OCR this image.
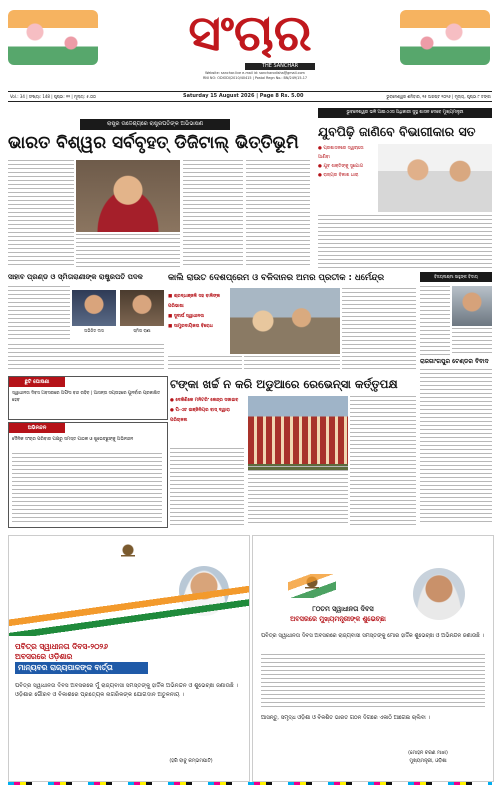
ସଂଚାର
THE SANCHAR
Website: sanchar.live e-mail id: sancharodisha@gmail.com
RNI NO: ODIODI/2010/40415 | Postal Regn No.: BN/249/15-17
Vol.: 34 | ସଂଖ୍ୟା: 148 | ପୃଷ୍ଠା: ୧୨ | ମୂଲ୍ୟ: ୫.୦୦	Saturday 15 August 2026 | Page 8 Rs. 5.00	ଭୁବନେଶ୍ୱର ଶନିବାର, ୧୫ ଅଗଷ୍ଟ ୨୦୨୬ | ମୂଲ୍ୟ, ପୃଷ୍ଠା ୮ ଟଙ୍କା
ରାଷ୍ଟ୍ର ଉଦ୍ଦେଶ୍ୟରେ ରାଷ୍ଟ୍ରପତିଙ୍କ ଅଭିଭାଷଣ
ଭାରତ ବିଶ୍ୱର ସର୍ବବୃହତ୍ ଡିଜିଟାଲ୍ ଭିତ୍ତିଭୂମି
ଭୁବନେଶ୍ୱର ଭଳି ଆଇଏଏସ ଅଧିକାରୀ ସୁସ୍ଥ ଶାସନ ଦେବେ ମୁଖ୍ୟମନ୍ତ୍ରୀ
ଯୁବପିଢ଼ି ଜାଣିବେ ବିଭାଗୀକାର ସତ
● ପ୍ରଶାସନରେ ସ୍ୱଚ୍ଛତା ଆଣିବା
● ଯୁବ ଶକ୍ତିଙ୍କୁ ସୁଯୋଗ
● ରାଜ୍ୟର ବିକାଶ ଧାରା
ସାହାବ ପ୍ରଣ୍ଡ ଓ ସ୍ମିତାରାଣୀଙ୍କ ରାଷ୍ଟ୍ରପତି ପଦକ
ଅଭିଜିତ ଦାସ	ସ୍ମିତା ରାଣୀ
କାଲି ରାଉତ ଦେଶପ୍ରେମ ଓ ବଳିଦାନର ଅମର ପ୍ରତୀକ : ଧର୍ମେନ୍ଦ୍ର
■ ଶ୍ରଦ୍ଧାଞ୍ଜଳି ସହ ବାଳିଙ୍କ ପରିଭାଷା
■ ସୁଦୀର୍ଘ ସ୍ୱାଧୀନତା
■ ସାମ୍ପ୍ରଦାୟିକତା ବିରୋଧ
ବିଜୟଲକ୍ଷ୍ମୀ ସାହୁଙ୍କ ବିଦାୟ
ରାଜଗାଂଗପୁର ଟେଣ୍ଡର ବିବାଦ
ଛୁଟି ଘୋଷଣା
ସ୍ୱାଧୀନତା ଦିବସ ଅବସରରେ ଅଫିସ ବନ୍ଦ ରହିବ | ଆସନ୍ତା ସପ୍ତାହରେ ପୁନର୍ବାର ପ୍ରକାଶିତ ହେବ
ଅଭିନନ୍ଦନ
ଦୈନିକ ସଂଚାର ପରିବାର ପକ୍ଷରୁ ସମସ୍ତ ପାଠକ ଓ ଶୁଭେଚ୍ଛୁଙ୍କୁ ଅଭିନନ୍ଦନ
ଟଙ୍କା ଖର୍ଚ୍ଚ ନ କରି ଅଡୁଆରେ ରେଭେନ୍ସା କର୍ତ୍ତୃପକ୍ଷ
● ଦେକିଣିକେ ମନିଟରିଂ କେନ୍ଦ୍ର ସଜାଇବ
● ପି-ଏଚ ଇଞ୍ଜିନିୟର ବାସ୍ ଦ୍ୱାରା ପରିଚାଳନା
ପବିତ୍ର ସ୍ୱାଧୀନତା ଦିବସ-୨୦୨୬
ଅବସରରେ ଓଡ଼ିଶାର
ମାନ୍ୟବର ରାଜ୍ୟପାଳଙ୍କ ବାର୍ତ୍ତା
ପବିତ୍ର ସ୍ୱାଧୀନତା ଦିବସ ଅବସରରେ ମୁଁ ରାଜ୍ୟବାସୀ ସମସ୍ତଙ୍କୁ ହାର୍ଦ୍ଦିକ ଅଭିନନ୍ଦନ ଓ ଶୁଭେଚ୍ଛା ଜଣାଉଛି । ଓଡ଼ିଶାର ଗୌରବ ଓ ବିକାଶରେ ପ୍ରତ୍ୟେକ ନାଗରିକଙ୍କ ଯୋଗଦାନ ଅତୁଳନୀୟ ।
(ହରି ବାବୁ କମ୍ଭମପାଟି)
୮୦ତମ ସ୍ୱାଧୀନତା ଦିବସ
ଅବସରରେ ମୁଖ୍ୟମନ୍ତ୍ରୀଙ୍କ ଶୁଭେଚ୍ଛା
ପବିତ୍ର ସ୍ୱାଧୀନତା ଦିବସ ଅବସରରେ ରାଜ୍ୟବାସୀ ସମସ୍ତଙ୍କୁ ମୋର ହାର୍ଦ୍ଦିକ ଶୁଭେଚ୍ଛା ଓ ଅଭିନନ୍ଦନ ଜଣାଉଛି ।
ଆସନ୍ତୁ, ସମୃଦ୍ଧ ଓଡ଼ିଶା ଓ ବିକଶିତ ଭାରତ ଗଠନ ଦିଗରେ ଏକାଠି ଆଗେଇ ଚାଲିବା ।
(ମୋହନ ଚରଣ ମାଝୀ)
ମୁଖ୍ୟମନ୍ତ୍ରୀ, ଓଡ଼ିଶା
